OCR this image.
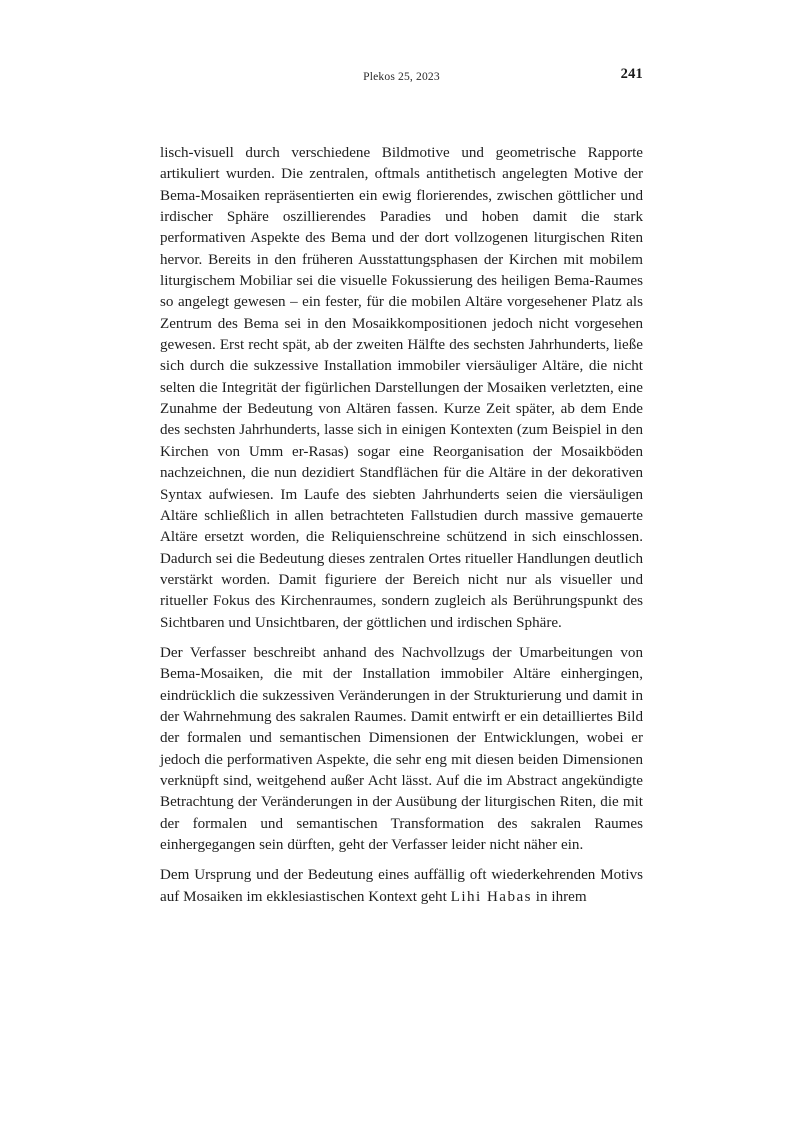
Plekos 25, 2023	241

lisch-visuell durch verschiedene Bildmotive und geometrische Rapporte artikuliert wurden. Die zentralen, oftmals antithetisch angelegten Motive der Bema-Mosaiken repräsentierten ein ewig florierendes, zwischen göttlicher und irdischer Sphäre oszillierendes Paradies und hoben damit die stark performativen Aspekte des Bema und der dort vollzogenen liturgischen Riten hervor. Bereits in den früheren Ausstattungsphasen der Kirchen mit mobilem liturgischem Mobiliar sei die visuelle Fokussierung des heiligen Bema-Raumes so angelegt gewesen – ein fester, für die mobilen Altäre vorgesehener Platz als Zentrum des Bema sei in den Mosaikkompositionen jedoch nicht vorgesehen gewesen. Erst recht spät, ab der zweiten Hälfte des sechsten Jahrhunderts, ließe sich durch die sukzessive Installation immobiler viersäuliger Altäre, die nicht selten die Integrität der figürlichen Darstellungen der Mosaiken verletzten, eine Zunahme der Bedeutung von Altären fassen. Kurze Zeit später, ab dem Ende des sechsten Jahrhunderts, lasse sich in einigen Kontexten (zum Beispiel in den Kirchen von Umm er-Rasas) sogar eine Reorganisation der Mosaikböden nachzeichnen, die nun dezidiert Standflächen für die Altäre in der dekorativen Syntax aufwiesen. Im Laufe des siebten Jahrhunderts seien die viersäuligen Altäre schließlich in allen betrachteten Fallstudien durch massive gemauerte Altäre ersetzt worden, die Reliquienschreine schützend in sich einschlossen. Dadurch sei die Bedeutung dieses zentralen Ortes ritueller Handlungen deutlich verstärkt worden. Damit figuriere der Bereich nicht nur als visueller und ritueller Fokus des Kirchenraumes, sondern zugleich als Berührungspunkt des Sichtbaren und Unsichtbaren, der göttlichen und irdischen Sphäre.

Der Verfasser beschreibt anhand des Nachvollzugs der Umarbeitungen von Bema-Mosaiken, die mit der Installation immobiler Altäre einhergingen, eindrücklich die sukzessiven Veränderungen in der Strukturierung und damit in der Wahrnehmung des sakralen Raumes. Damit entwirft er ein detailliertes Bild der formalen und semantischen Dimensionen der Entwicklungen, wobei er jedoch die performativen Aspekte, die sehr eng mit diesen beiden Dimensionen verknüpft sind, weitgehend außer Acht lässt. Auf die im Abstract angekündigte Betrachtung der Veränderungen in der Ausübung der liturgischen Riten, die mit der formalen und semantischen Transformation des sakralen Raumes einhergegangen sein dürften, geht der Verfasser leider nicht näher ein.

Dem Ursprung und der Bedeutung eines auffällig oft wiederkehrenden Motivs auf Mosaiken im ekklesiastischen Kontext geht Lihi Habas in ihrem
